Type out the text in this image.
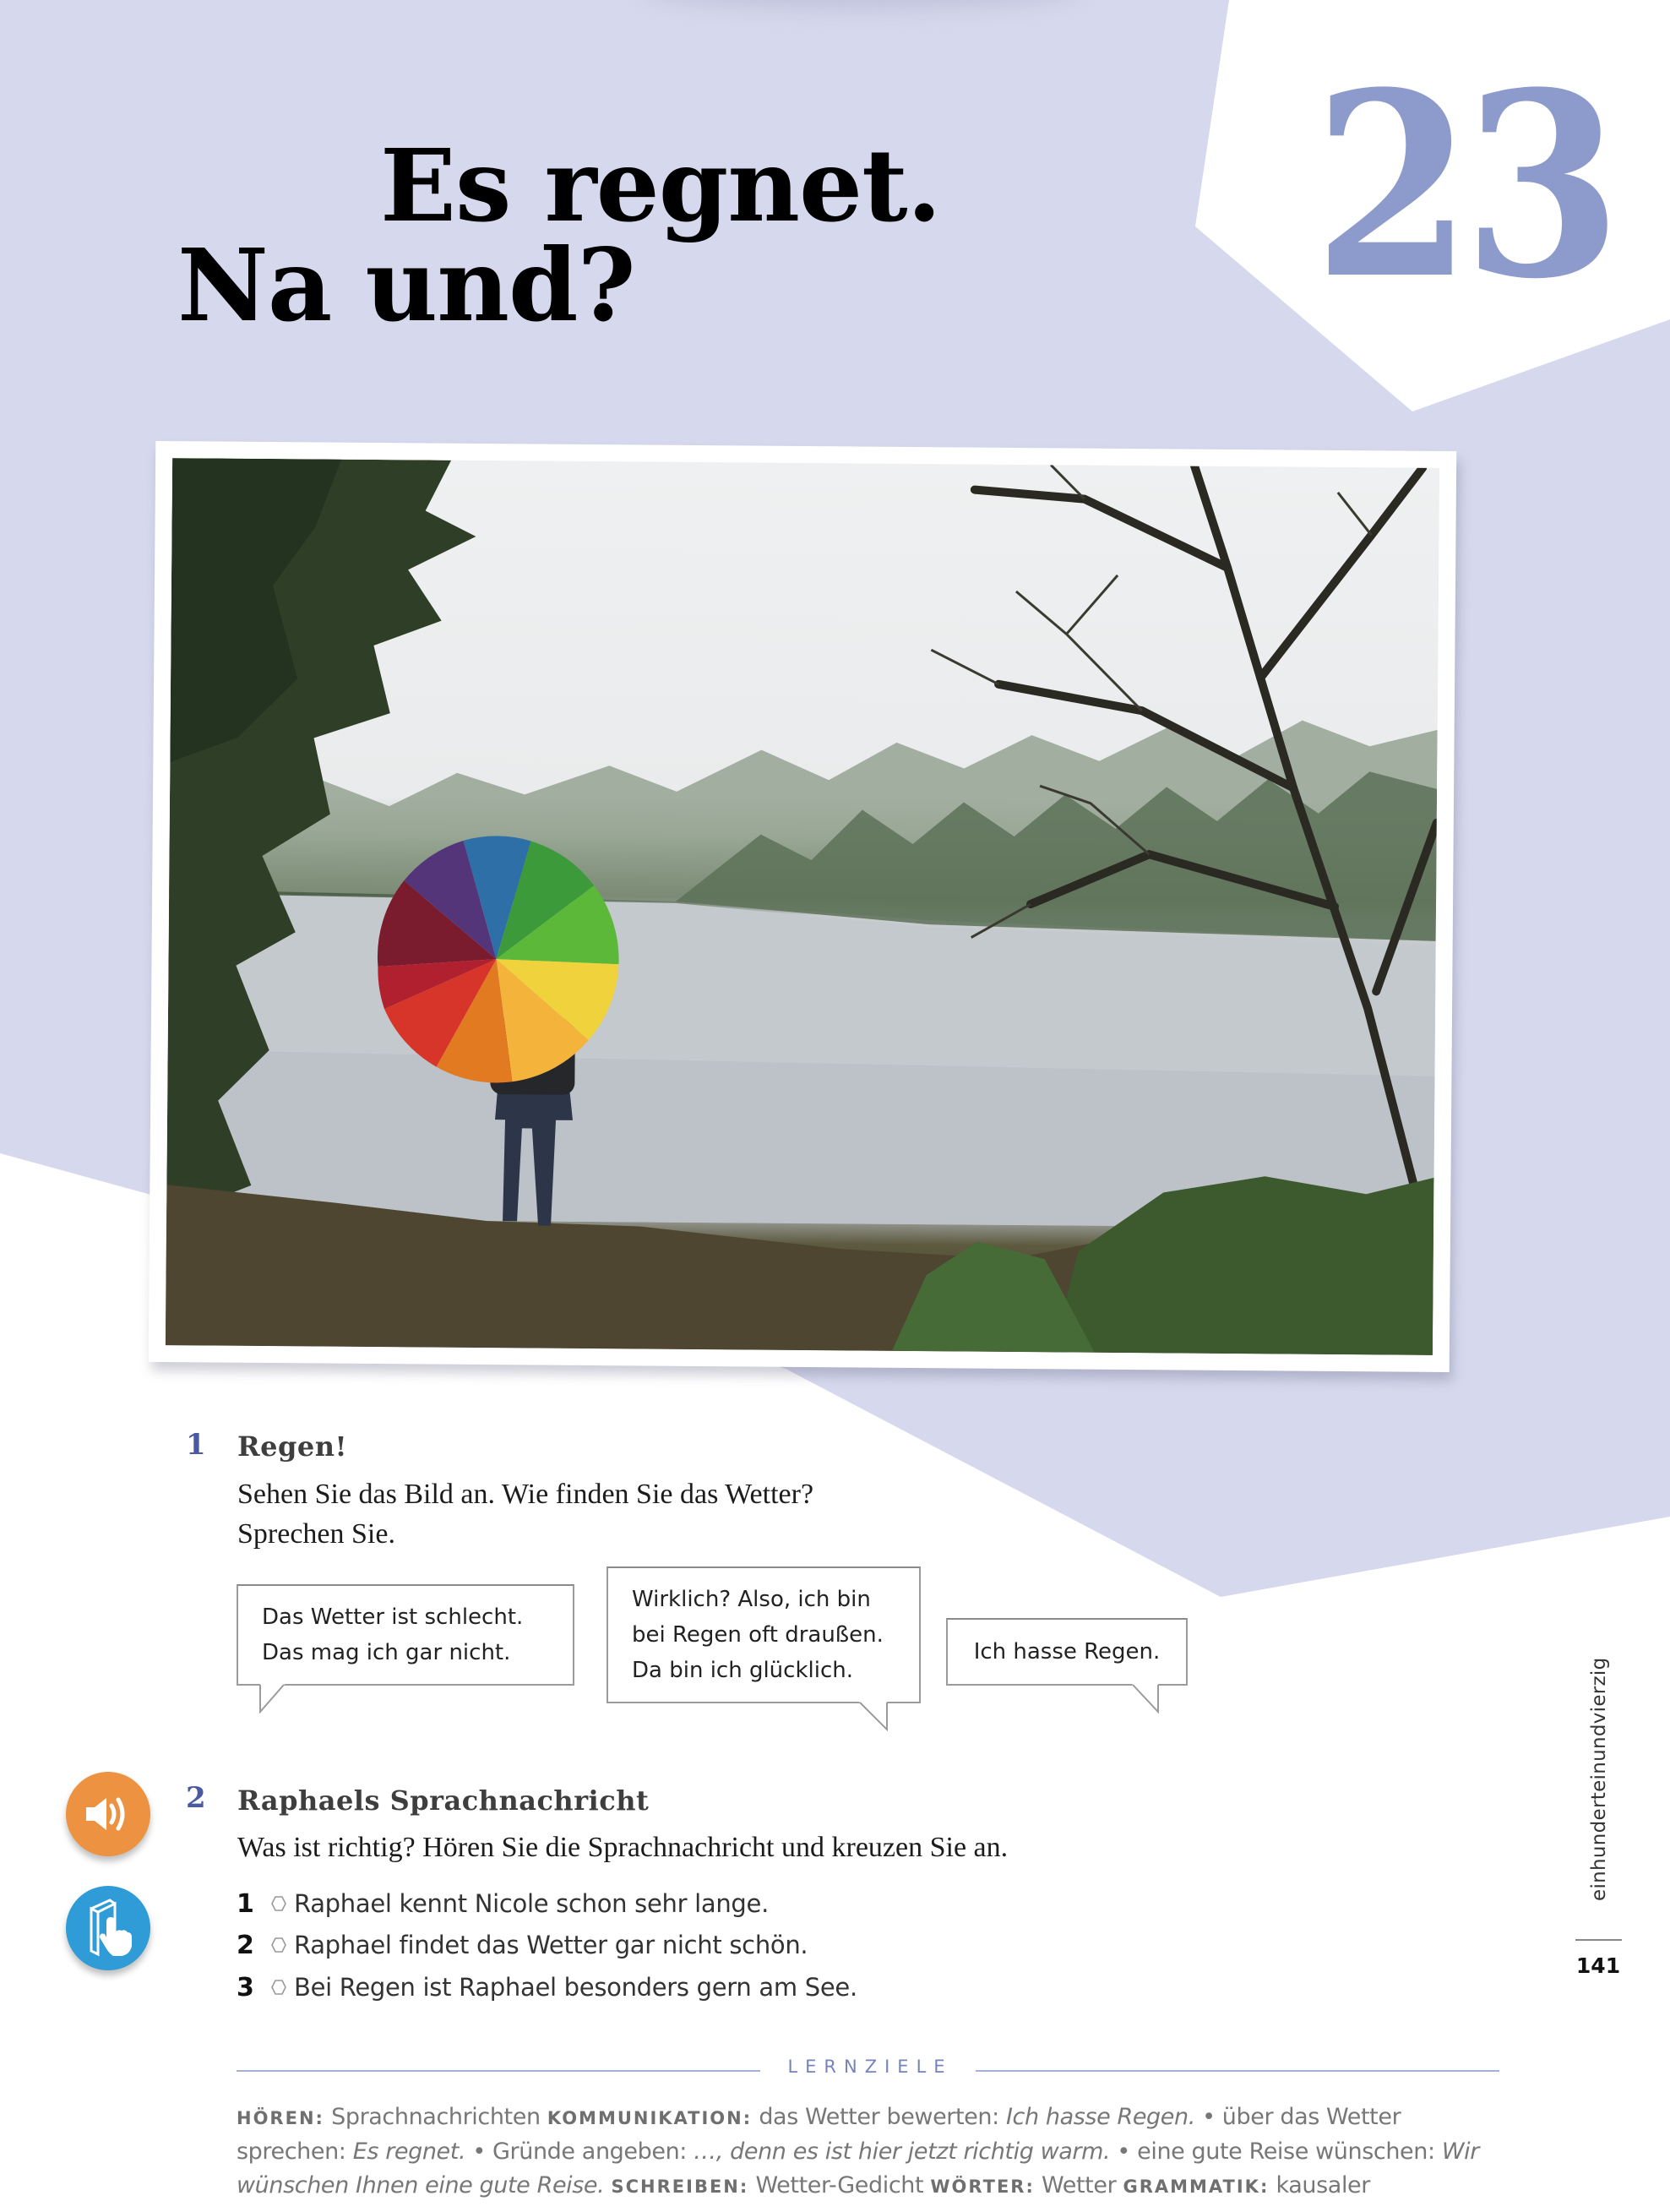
Es regnet.
Na und?	23
1 Regen!
Sehen Sie das Bild an. Wie finden Sie das Wetter?
Sprechen Sie.
Das Wetter ist schlecht.
Das mag ich gar nicht.
Wirklich? Also, ich bin
bei Regen oft draußen.
Da bin ich glücklich.
Ich hasse Regen.
2 Raphaels Sprachnachricht
Was ist richtig? Hören Sie die Sprachnachricht und kreuzen Sie an.
1	Raphael kennt Nicole schon sehr lange.
2	Raphael findet das Wetter gar nicht schön.
3	Bei Regen ist Raphael besonders gern am See.
LERNZIELE
HÖREN: Sprachnachrichten KOMMUNIKATION: das Wetter bewerten: Ich hasse Regen. • über das Wetter sprechen: Es regnet. • Gründe angeben: …, denn es ist hier jetzt richtig warm. • eine gute Reise wünschen: Wir wünschen Ihnen eine gute Reise. SCHREIBEN: Wetter-Gedicht WÖRTER: Wetter GRAMMATIK: kausaler
einhunderteinundvierzig
141
